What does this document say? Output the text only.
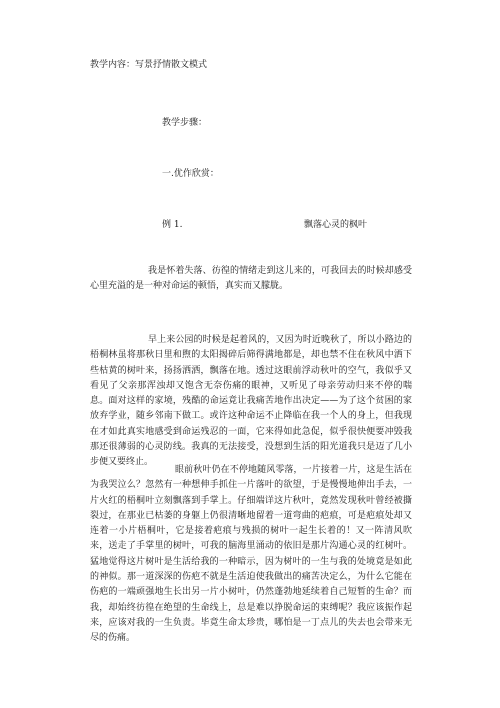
教学内容：写景抒情散文模式
教学步骤：
一.优作欣赏：
例 1.	飘落心灵的枫叶
我是怀着失落、彷徨的情绪走到这儿来的，可我回去的时候却感受心里充溢的是一种对命运的顿悟，真实而又朦胧。
早上来公园的时候是起着风的，又因为时近晚秋了，所以小路边的梧桐林虽将那秋日里和煦的太阳揭碎后筛得满地都是，却也禁不住在秋风中洒下些枯黄的树叶来，扬扬洒洒，飘落在地。透过这眼前浮动秋叶的空气，我似乎又看见了父亲那浑浊却又饱含无奈伤痛的眼神，又听见了母亲劳动归来不停的喘息。面对这样的家境，残酷的命运竟让我痛苦地作出决定——为了这个贫困的家放弃学业，随乡邻南下做工。或许这种命运不止降临在我一个人的身上，但我现在才如此真实地感受到命运残忍的一面，它来得如此急促，似乎很快便要冲毁我那还很薄弱的心灵防线。我真的无法接受，没想到生活的阳光道我只是迈了几小步便又要终止。
眼前秋叶仍在不停地随风零落，一片接着一片，这是生活在为我哭泣么？忽然有一种想伸手抓住一片落叶的欲望，于是慢慢地伸出手去，一片火红的梧桐叶立刻飘落到手掌上。仔细端详这片秋叶，竟然发现秋叶曾经被撕裂过，在那业已枯萎的身躯上仍很清晰地留着一道弯曲的疤痕，可是疤痕处却又连着一小片梧桐叶，它是接着疤痕与残损的树叶一起生长着的！又一阵清风吹来，送走了手掌里的树叶，可我的脑海里涌动的依旧是那片沟通心灵的红树叶。猛地觉得这片树叶是生活给我的一种暗示，因为树叶的一生与我的处境竟是如此的神似。那一道深深的伤疤不就是生活迫使我做出的痛苦决定么，为什么它能在伤疤的一端顽强地生长出另一片小树叶，仍然蓬勃地延续着自己短暂的生命？而我，却始终彷徨在绝望的生命线上，总是难以挣脱命运的束缚呢？我应该振作起来，应该对我的一生负责。毕竟生命太珍贵，哪怕是一丁点儿的失去也会带来无尽的伤痛。
